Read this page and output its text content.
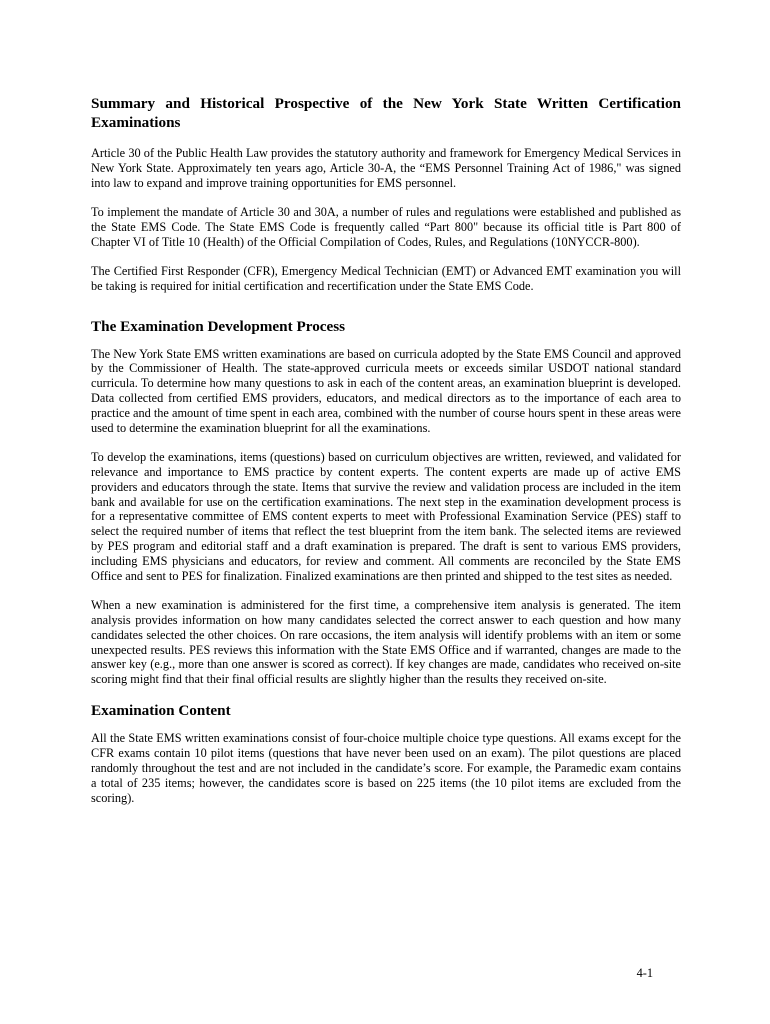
Summary and Historical Prospective of the New York State Written Certification Examinations

Article 30 of the Public Health Law provides the statutory authority and framework for Emergency Medical Services in New York State. Approximately ten years ago, Article 30-A, the “EMS Personnel Training Act of 1986," was signed into law to expand and improve training opportunities for EMS personnel.

To implement the mandate of Article 30 and 30A, a number of rules and regulations were established and published as the State EMS Code. The State EMS Code is frequently called “Part 800" because its official title is Part 800 of Chapter VI of Title 10 (Health) of the Official Compilation of Codes, Rules, and Regulations (10NYCCR-800).

The Certified First Responder (CFR), Emergency Medical Technician (EMT) or Advanced EMT examination you will be taking is required for initial certification and recertification under the State EMS Code.

The Examination Development Process

The New York State EMS written examinations are based on curricula adopted by the State EMS Council and approved by the Commissioner of Health. The state-approved curricula meets or exceeds similar USDOT national standard curricula. To determine how many questions to ask in each of the content areas, an examination blueprint is developed. Data collected from certified EMS providers, educators, and medical directors as to the importance of each area to practice and the amount of time spent in each area, combined with the number of course hours spent in these areas were used to determine the examination blueprint for all the examinations.

To develop the examinations, items (questions) based on curriculum objectives are written, reviewed, and validated for relevance and importance to EMS practice by content experts. The content experts are made up of active EMS providers and educators through the state. Items that survive the review and validation process are included in the item bank and available for use on the certification examinations. The next step in the examination development process is for a representative committee of EMS content experts to meet with Professional Examination Service (PES) staff to select the required number of items that reflect the test blueprint from the item bank. The selected items are reviewed by PES program and editorial staff and a draft examination is prepared. The draft is sent to various EMS providers, including EMS physicians and educators, for review and comment. All comments are reconciled by the State EMS Office and sent to PES for finalization. Finalized examinations are then printed and shipped to the test sites as needed.

When a new examination is administered for the first time, a comprehensive item analysis is generated. The item analysis provides information on how many candidates selected the correct answer to each question and how many candidates selected the other choices. On rare occasions, the item analysis will identify problems with an item or some unexpected results. PES reviews this information with the State EMS Office and if warranted, changes are made to the answer key (e.g., more than one answer is scored as correct). If key changes are made, candidates who received on-site scoring might find that their final official results are slightly higher than the results they received on-site.

Examination Content

All the State EMS written examinations consist of four-choice multiple choice type questions. All exams except for the CFR exams contain 10 pilot items (questions that have never been used on an exam). The pilot questions are placed randomly throughout the test and are not included in the candidate’s score. For example, the Paramedic exam contains a total of 235 items; however, the candidates score is based on 225 items (the 10 pilot items are excluded from the scoring).

4-1
